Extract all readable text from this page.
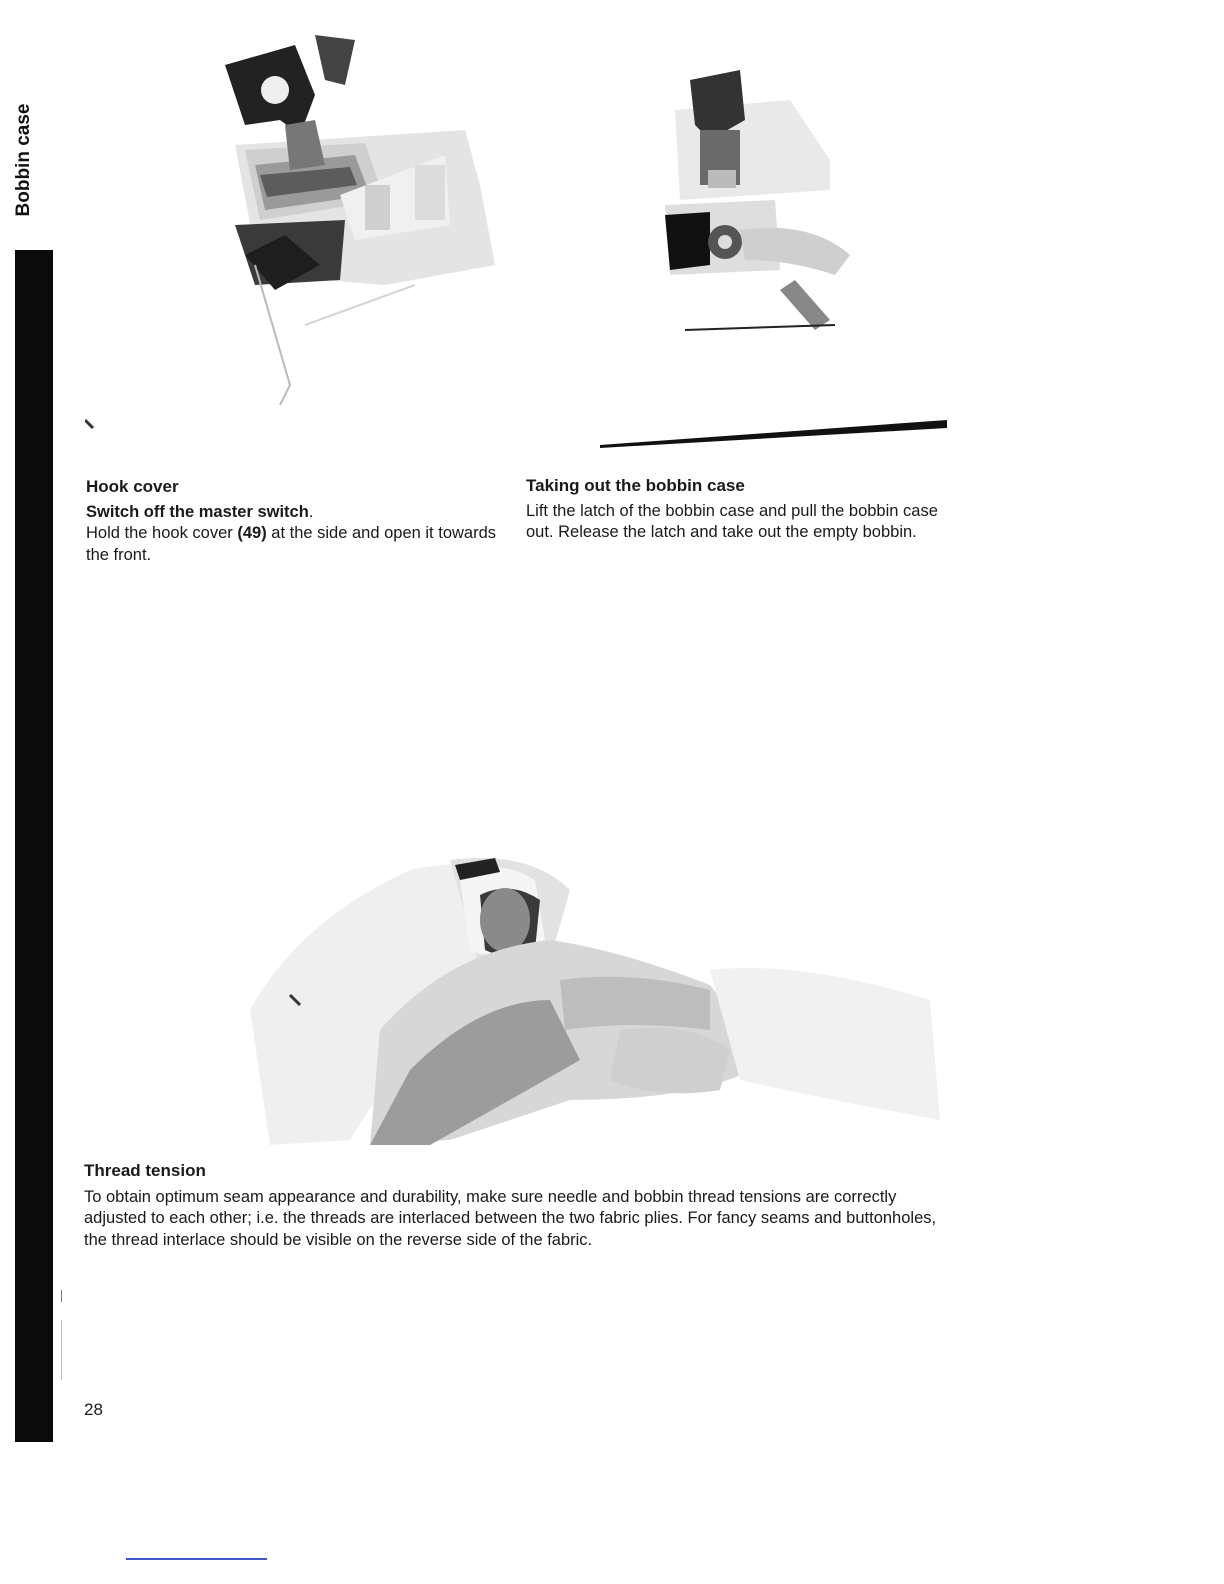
Bobbin case
Hook cover

Switch off the master switch.

Hold the hook cover (49) at the side and open it towards the front.

Taking out the bobbin case

Lift the latch of the bobbin case and pull the bobbin case out. Release the latch and take out the empty bobbin.

Thread tension

To obtain optimum seam appearance and durability, make sure needle and bobbin thread tensions are correctly adjusted to each other; i.e. the threads are interlaced between the two fabric plies. For fancy seams and buttonholes, the thread interlace should be visible on the reverse side of the fabric.

28
